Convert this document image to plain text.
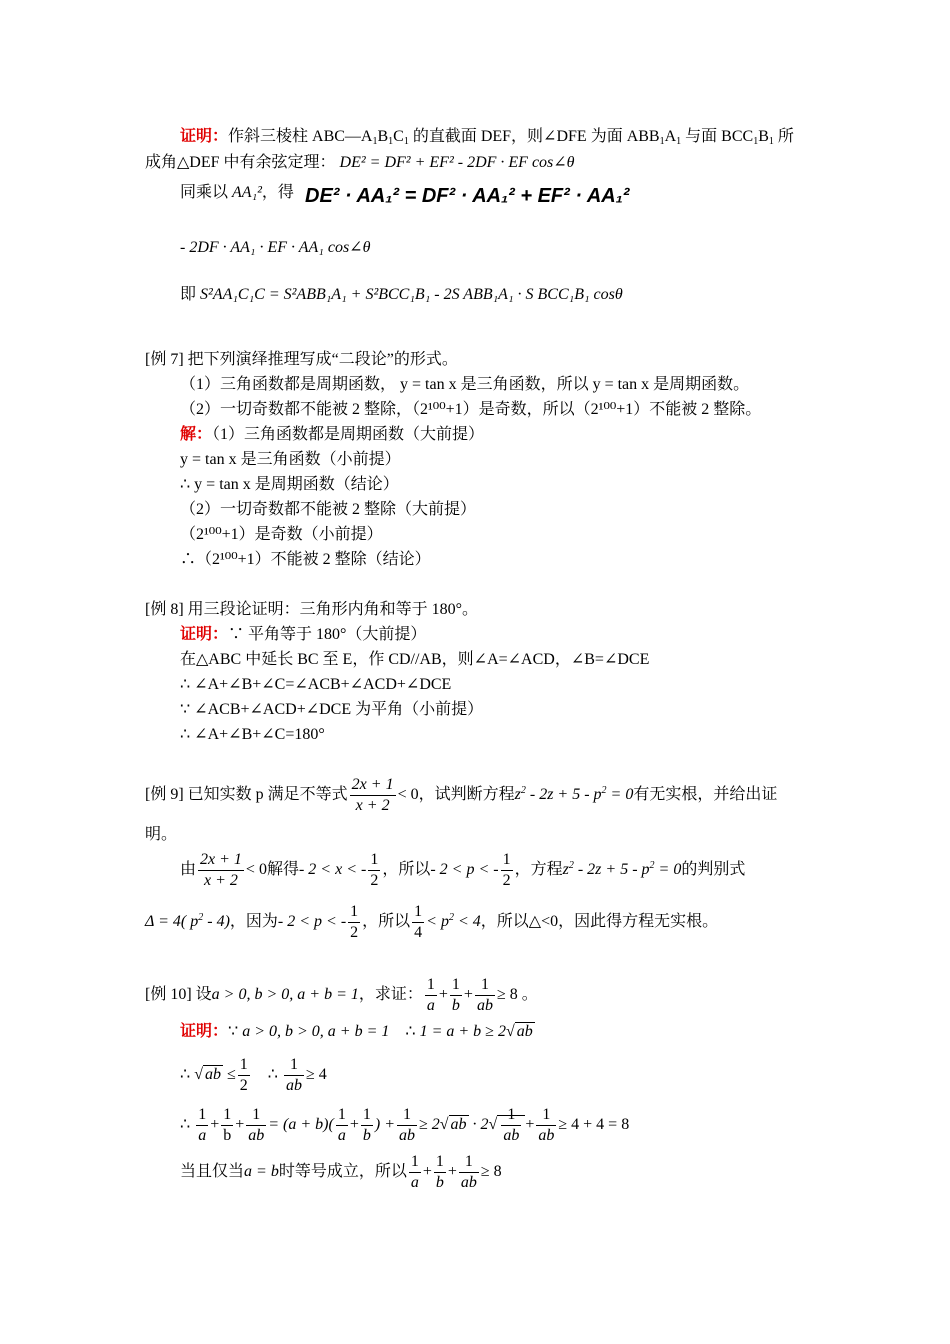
证明：作斜三棱柱 $ABC—A_1B_1C_1$ 的直截面 DEF，则∠DFE 为面 $ABB_1A_1$ 与面 $BCC_1B_1$ 所
成角△DEF 中有余弦定理： DE² = DF² + EF² - 2DF · EF cos∠θ
同乘以 AA₁²，得 DE² · AA₁² = DF² · AA₁² + EF² · AA₁²
- 2DF · AA₁ · EF · AA₁ cos∠θ
即 S²AA₁C₁C = S²ABB₁A₁ + S²BCC₁B₁ - 2S ABB₁A₁ · S BCC₁B₁ cosθ
[例 7] 把下列演绎推理写成“二段论”的形式。
（1）三角函数都是周期函数， y = tan x 是三角函数，所以 y = tan x 是周期函数。
（2）一切奇数都不能被 2 整除，（2¹⁰⁰+1）是奇数，所以（2¹⁰⁰+1）不能被 2 整除。
解：（1）三角函数都是周期函数（大前提）
y = tan x 是三角函数（小前提）
∴ y = tan x 是周期函数（结论）
（2）一切奇数都不能被 2 整除（大前提）
（2¹⁰⁰+1）是奇数（小前提）
∴（2¹⁰⁰+1）不能被 2 整除（结论）
[例 8] 用三段论证明：三角形内角和等于 180°。
证明：∵ 平角等于 180°（大前提）
在△ABC 中延长 BC 至 E，作 CD//AB，则∠A=∠ACD，∠B=∠DCE
∴ ∠A+∠B+∠C=∠ACB+∠ACD+∠DCE
∵ ∠ACB+∠ACD+∠DCE 为平角（小前提）
∴ ∠A+∠B+∠C=180°
[例 9] 已知实数 p 满足不等式 $\frac{2x + 1}{x + 2} < 0$，试判断方程$z^2 - 2z + 5 - p^2 = 0$有无实根，并给出证
明。
由 $\frac{2x + 1}{x + 2} < 0$解得- 2 < x < - $\frac{1}{2}$ ，所以- 2 < p < - $\frac{1}{2}$ ，方程$z^2 - 2z + 5 - p^2 = 0$的判别式
Δ = 4( $p^2 - 4$)，因为- 2 < p < - $\frac{1}{2}$ ，所以 $\frac{1}{4} < p^2 < 4$，所以△<0，因此得方程无实根。
[例 10] 设a > 0, b > 0, a + b = 1，求证： $\frac{1}{a} + \frac{1}{b} + \frac{1}{ab} \ge 8$ 。
证明：∵ a > 0, b > 0, a + b = 1 ∴ 1 = a + b ≥ 2√ ab
∴ √ ab ≤ $\frac{1}{2}$ ∴ $\frac{1}{ab} \ge 4$
∴ $\frac{1}{a} + \frac{1}{b} + \frac{1}{ab} = (a + b)( \frac{1}{a} + \frac{1}{b}$ ) + $\frac{1}{ab} \ge 2√$ ab · $2√ \frac{1}{ab} + \frac{1}{ab} \ge 4 + 4 = 8$
当且仅当a = b时等号成立，所以 $\frac{1}{a} + \frac{1}{b} + \frac{1}{ab} \ge 8$
